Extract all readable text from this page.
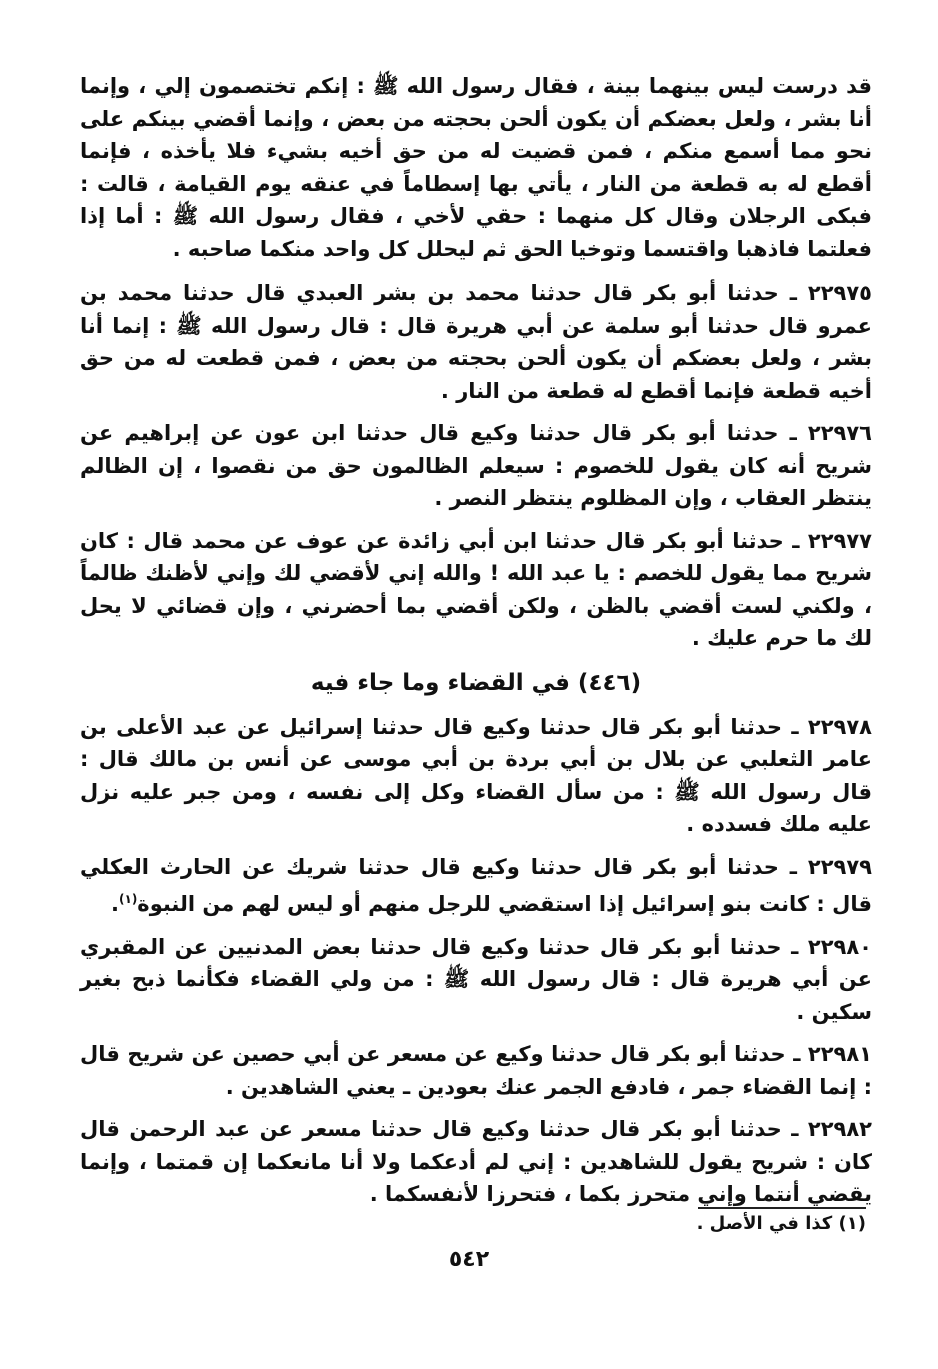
قد درست ليس بينهما بينة ، فقال رسول الله ﷺ : إنكم تختصمون إلي ، وإنما أنا بشر ، ولعل بعضكم أن يكون ألحن بحجته من بعض ، وإنما أقضي بينكم على نحو مما أسمع منكم ، فمن قضيت له من حق أخيه بشيء فلا يأخذه ، فإنما أقطع له به قطعة من النار ، يأتي بها إسطاماً في عنقه يوم القيامة ، قالت : فبكى الرجلان وقال كل منهما : حقي لأخي ، فقال رسول الله ﷺ : أما إذا فعلتما فاذهبا واقتسما وتوخيا الحق ثم ليحلل كل واحد منكما صاحبه .

٢٢٩٧٥ ـ حدثنا أبو بكر قال حدثنا محمد بن بشر العبدي قال حدثنا محمد بن عمرو قال حدثنا أبو سلمة عن أبي هريرة قال : قال رسول الله ﷺ : إنما أنا بشر ، ولعل بعضكم أن يكون ألحن بحجته من بعض ، فمن قطعت له من حق أخيه قطعة فإنما أقطع له قطعة من النار .

٢٢٩٧٦ ـ حدثنا أبو بكر قال حدثنا وكيع قال حدثنا ابن عون عن إبراهيم عن شريح أنه كان يقول للخصوم : سيعلم الظالمون حق من نقصوا ، إن الظالم ينتظر العقاب ، وإن المظلوم ينتظر النصر .

٢٢٩٧٧ ـ حدثنا أبو بكر قال حدثنا ابن أبي زائدة عن عوف عن محمد قال : كان شريح مما يقول للخصم : يا عبد الله ! والله إني لأقضي لك وإني لأظنك ظالماً ، ولكني لست أقضي بالظن ، ولكن أقضي بما أحضرني ، وإن قضائي لا يحل لك ما حرم عليك .

(٤٤٦) في القضاء وما جاء فيه

٢٢٩٧٨ ـ حدثنا أبو بكر قال حدثنا وكيع قال حدثنا إسرائيل عن عبد الأعلى بن عامر الثعلبي عن بلال بن أبي بردة بن أبي موسى عن أنس بن مالك قال : قال رسول الله ﷺ : من سأل القضاء وكل إلى نفسه ، ومن جبر عليه نزل عليه ملك فسدده .

٢٢٩٧٩ ـ حدثنا أبو بكر قال حدثنا وكيع قال حدثنا شريك عن الحارث العكلي قال : كانت بنو إسرائيل إذا استقضي للرجل منهم أو ليس لهم من النبوة$^{(١)}$.

٢٢٩٨٠ ـ حدثنا أبو بكر قال حدثنا وكيع قال حدثنا بعض المدنيين عن المقبري عن أبي هريرة قال : قال رسول الله ﷺ : من ولي القضاء فكأنما ذبح بغير سكين .

٢٢٩٨١ ـ حدثنا أبو بكر قال حدثنا وكيع عن مسعر عن أبي حصين عن شريح قال : إنما القضاء جمر ، فادفع الجمر عنك بعودين ـ يعني الشاهدين .

٢٢٩٨٢ ـ حدثنا أبو بكر قال حدثنا وكيع قال حدثنا مسعر عن عبد الرحمن قال كان : شريح يقول للشاهدين : إني لم أدعكما ولا أنا مانعكما إن قمتما ، وإنما يقضي أنتما وإني متحرز بكما ، فتحرزا لأنفسكما .

(١) كذا في الأصل .
٥٤٢
